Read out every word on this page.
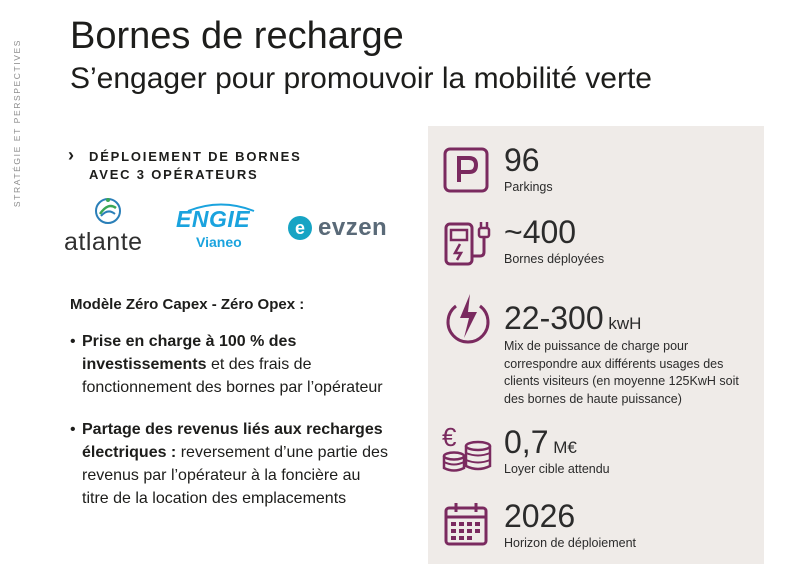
STRATÉGIE ET PERSPECTIVES
Bornes de recharge
S’engager pour promouvoir la mobilité verte
› DÉPLOIEMENT DE BORNES
AVEC 3 OPÉRATEURS
atlante
ENGIE
Vianeo
e evzen
Modèle Zéro Capex - Zéro Opex :
• Prise en charge à 100 % des investissements et des frais de fonctionnement des bornes par l’opérateur
• Partage des revenus liés aux recharges électriques : reversement d’une partie des revenus par l’opérateur à la foncière au titre de la location des emplacements
96
Parkings
~400
Bornes déployées
22-300 kwH
Mix de puissance de charge pour correspondre aux différents usages des clients visiteurs (en moyenne 125KwH soit des bornes de haute puissance)
€ 0,7 M€
Loyer cible attendu
2026
Horizon de déploiement
